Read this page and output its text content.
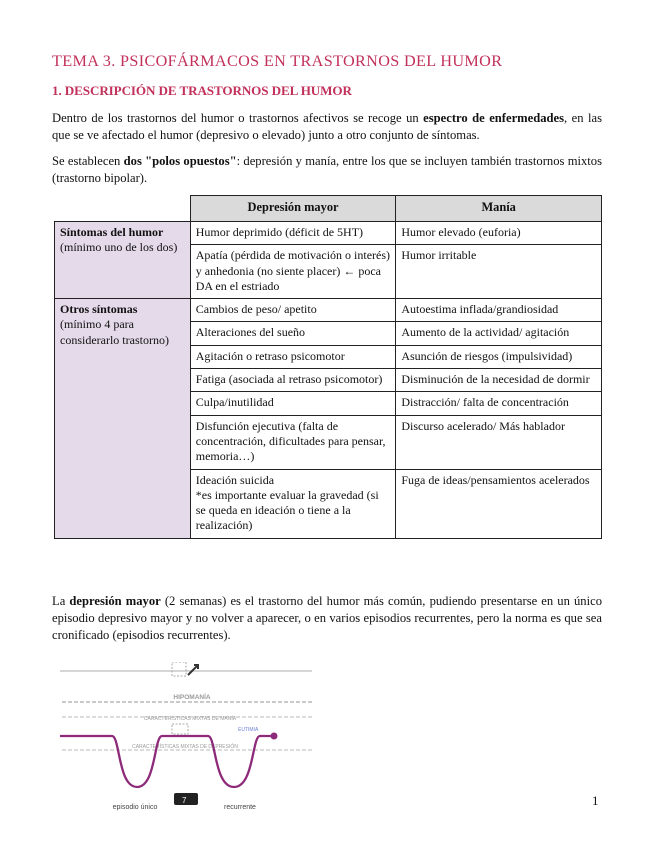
TEMA 3. PSICOFÁRMACOS EN TRASTORNOS DEL HUMOR
1. DESCRIPCIÓN DE TRASTORNOS DEL HUMOR

Dentro de los trastornos del humor o trastornos afectivos se recoge un espectro de enfermedades, en las que se ve afectado el humor (depresivo o elevado) junto a otro conjunto de síntomas.

Se establecen dos "polos opuestos": depresión y manía, entre los que se incluyen también trastornos mixtos (trastorno bipolar).

	Depresión mayor	Manía

Síntomas del humor
(mínimo uno de los dos)	Humor deprimido (déficit de 5HT)	Humor elevado (euforia)
	Apatía (pérdida de motivación o interés) y anhedonia (no siente placer) ← poca DA en el estriado	Humor irritable

Otros síntomas
(mínimo 4 para considerarlo trastorno)	Cambios de peso/ apetito	Autoestima inflada/grandiosidad
	Alteraciones del sueño	Aumento de la actividad/ agitación
	Agitación o retraso psicomotor	Asunción de riesgos (impulsividad)
	Fatiga (asociada al retraso psicomotor)	Disminución de la necesidad de dormir
	Culpa/inutilidad	Distracción/ falta de concentración
	Disfunción ejecutiva (falta de concentración, dificultades para pensar, memoria…)	Discurso acelerado/ Más hablador
	Ideación suicida
*es importante evaluar la gravedad (si se queda en ideación o tiene a la realización)	Fuga de ideas/pensamientos acelerados

La depresión mayor (2 semanas) es el trastorno del humor más común, pudiendo presentarse en un único episodio depresivo mayor y no volver a aparecer, o en varios episodios recurrentes, pero la norma es que sea cronificado (episodios recurrentes).

HIPOMANÍA
CARACTERÍSTICAS MIXTAS DE MANÍA
EUTIMIA
CARACTERÍSTICAS MIXTAS DE DEPRESIÓN
7
episodio único	recurrente	1
